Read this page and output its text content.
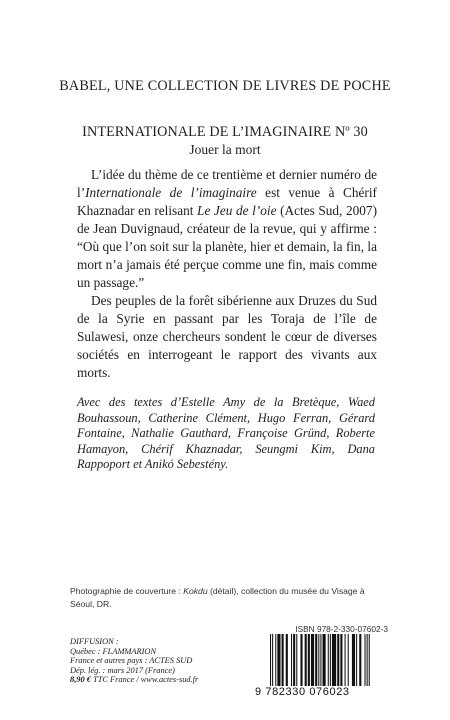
BABEL, UNE COLLECTION DE LIVRES DE POCHE
INTERNATIONALE DE L’IMAGINAIRE Nº 30
Jouer la mort

L’idée du thème de ce trentième et dernier numéro de l’Internationale de l’imaginaire est venue à Chérif Khaznadar en relisant Le Jeu de l’oie (Actes Sud, 2007) de Jean Duvignaud, créateur de la revue, qui y affirme : “Où que l’on soit sur la planète, hier et demain, la fin, la mort n’a jamais été perçue comme une fin, mais comme un passage.”

Des peuples de la forêt sibérienne aux Druzes du Sud de la Syrie en passant par les Toraja de l’île de Sulawesi, onze chercheurs sondent le cœur de diverses sociétés en interrogeant le rapport des vivants aux morts.

Avec des textes d’Estelle Amy de la Bretèque, Waed Bouhassoun, Catherine Clément, Hugo Ferran, Gérard Fontaine, Nathalie Gauthard, Françoise Gründ, Roberte Hamayon, Chérif Khaznadar, Seungmi Kim, Dana Rappoport et Anikó Sebestény.
Photographie de couverture : Kokdu (détail), collection du musée du Visage à Séoul, DR.
ISBN 978-2-330-07602-3
DIFFUSION :
Québec : FLAMMARION
France et autres pays : ACTES SUD
Dép. lég. : mars 2017 (France)
8,90 € TTC France / www.actes-sud.fr
9 782330 076023
